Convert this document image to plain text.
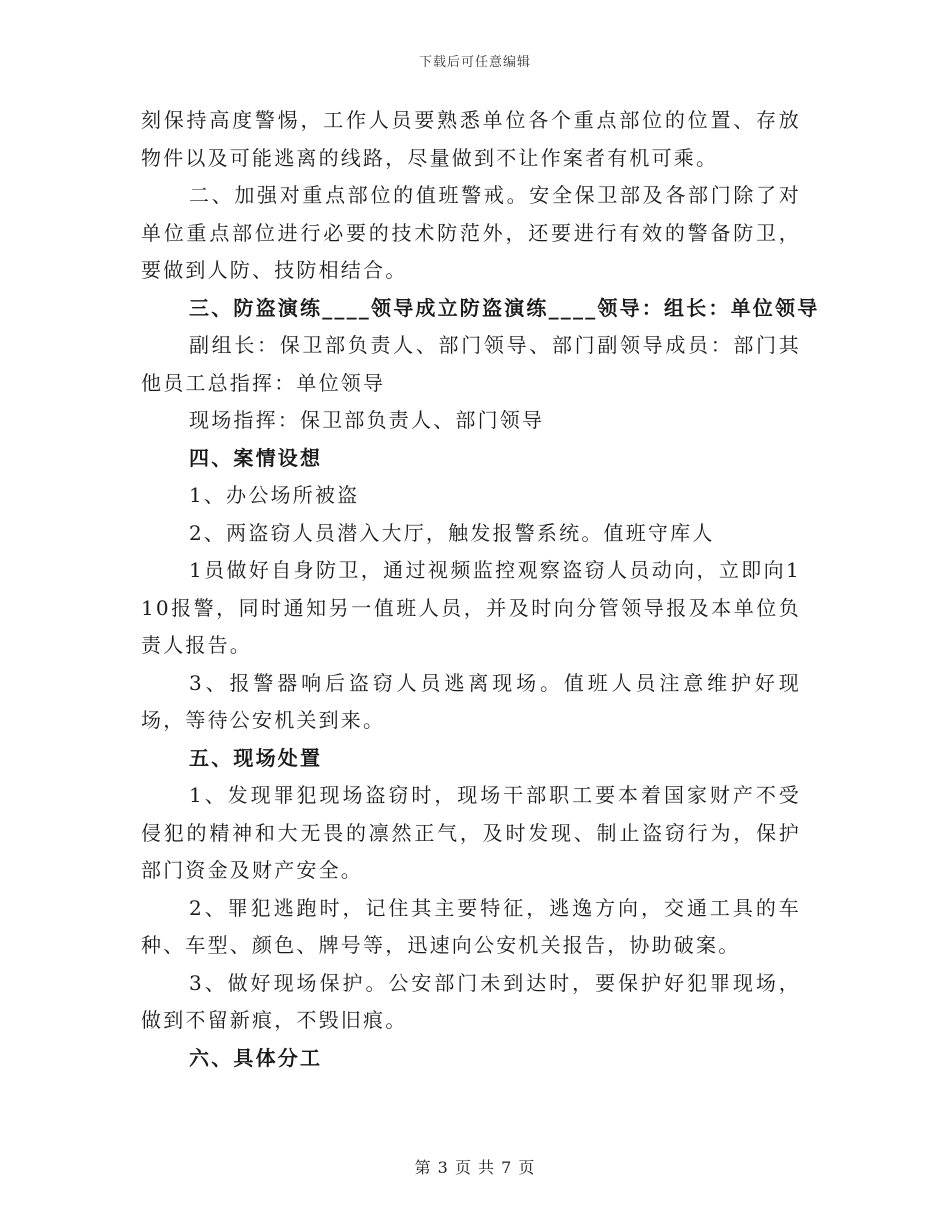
下载后可任意编辑

刻保持高度警惕，工作人员要熟悉单位各个重点部位的位置、存放物件以及可能逃离的线路，尽量做到不让作案者有机可乘。

二、加强对重点部位的值班警戒。安全保卫部及各部门除了对单位重点部位进行必要的技术防范外，还要进行有效的警备防卫，要做到人防、技防相结合。

三、防盗演练____领导成立防盗演练____领导：组长：单位领导

副组长：保卫部负责人、部门领导、部门副领导成员：部门其他员工总指挥：单位领导

现场指挥：保卫部负责人、部门领导

四、案情设想

1、办公场所被盗

2、两盗窃人员潜入大厅，触发报警系统。值班守库人

1员做好自身防卫，通过视频监控观察盗窃人员动向，立即向110报警，同时通知另一值班人员，并及时向分管领导报及本单位负责人报告。

3、报警器响后盗窃人员逃离现场。值班人员注意维护好现场，等待公安机关到来。

五、现场处置

1、发现罪犯现场盗窃时，现场干部职工要本着国家财产不受侵犯的精神和大无畏的凛然正气，及时发现、制止盗窃行为，保护部门资金及财产安全。

2、罪犯逃跑时，记住其主要特征，逃逸方向，交通工具的车种、车型、颜色、牌号等，迅速向公安机关报告，协助破案。

3、做好现场保护。公安部门未到达时，要保护好犯罪现场，做到不留新痕，不毁旧痕。

六、具体分工

第 3 页 共 7 页
